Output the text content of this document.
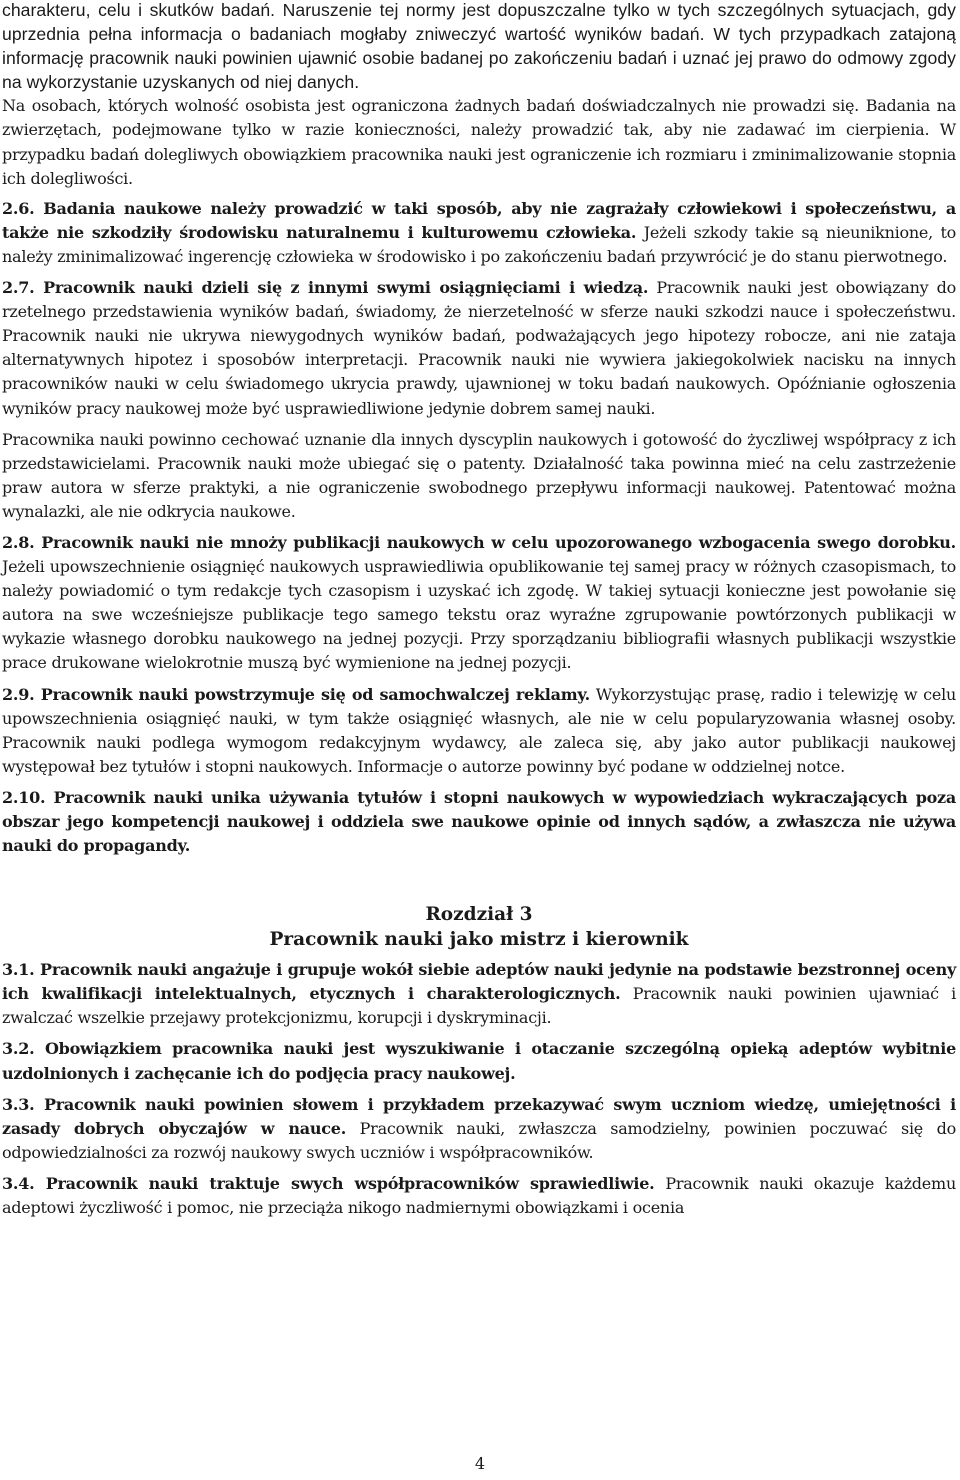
charakteru, celu i skutków badań. Naruszenie tej normy jest dopuszczalne tylko w tych szczególnych sytuacjach, gdy uprzednia pełna informacja o badaniach mogłaby zniweczyć wartość wyników badań. W tych przypadkach zatajoną informację pracownik nauki powinien ujawnić osobie badanej po zakończeniu badań i uznać jej prawo do odmowy zgody na wykorzystanie uzyskanych od niej danych.

Na osobach, których wolność osobista jest ograniczona żadnych badań doświadczalnych nie prowadzi się. Badania na zwierzętach, podejmowane tylko w razie konieczności, należy prowadzić tak, aby nie zadawać im cierpienia. W przypadku badań dolegliwych obowiązkiem pracownika nauki jest ograniczenie ich rozmiaru i zminimalizowanie stopnia ich dolegliwości.

2.6. Badania naukowe należy prowadzić w taki sposób, aby nie zagrażały człowiekowi i społeczeństwu, a także nie szkodziły środowisku naturalnemu i kulturowemu człowieka. Jeżeli szkody takie są nieuniknione, to należy zminimalizować ingerencję człowieka w środowisko i po zakończeniu badań przywrócić je do stanu pierwotnego.

2.7. Pracownik nauki dzieli się z innymi swymi osiągnięciami i wiedzą. Pracownik nauki jest obowiązany do rzetelnego przedstawienia wyników badań, świadomy, że nierzetelność w sferze nauki szkodzi nauce i społeczeństwu. Pracownik nauki nie ukrywa niewygodnych wyników badań, podważających jego hipotezy robocze, ani nie zataja alternatywnych hipotez i sposobów interpretacji. Pracownik nauki nie wywiera jakiegokolwiek nacisku na innych pracowników nauki w celu świadomego ukrycia prawdy, ujawnionej w toku badań naukowych. Opóźnianie ogłoszenia wyników pracy naukowej może być usprawiedliwione jedynie dobrem samej nauki.

Pracownika nauki powinno cechować uznanie dla innych dyscyplin naukowych i gotowość do życzliwej współpracy z ich przedstawicielami. Pracownik nauki może ubiegać się o patenty. Działalność taka powinna mieć na celu zastrzeżenie praw autora w sferze praktyki, a nie ograniczenie swobodnego przepływu informacji naukowej. Patentować można wynalazki, ale nie odkrycia naukowe.

2.8. Pracownik nauki nie mnoży publikacji naukowych w celu upozorowanego wzbogacenia swego dorobku. Jeżeli upowszechnienie osiągnięć naukowych usprawiedliwia opublikowanie tej samej pracy w różnych czasopismach, to należy powiadomić o tym redakcje tych czasopism i uzyskać ich zgodę. W takiej sytuacji konieczne jest powołanie się autora na swe wcześniejsze publikacje tego samego tekstu oraz wyraźne zgrupowanie powtórzonych publikacji w wykazie własnego dorobku naukowego na jednej pozycji. Przy sporządzaniu bibliografii własnych publikacji wszystkie prace drukowane wielokrotnie muszą być wymienione na jednej pozycji.

2.9. Pracownik nauki powstrzymuje się od samochwalczej reklamy. Wykorzystując prasę, radio i telewizję w celu upowszechnienia osiągnięć nauki, w tym także osiągnięć własnych, ale nie w celu popularyzowania własnej osoby. Pracownik nauki podlega wymogom redakcyjnym wydawcy, ale zaleca się, aby jako autor publikacji naukowej występował bez tytułów i stopni naukowych. Informacje o autorze powinny być podane w oddzielnej notce.

2.10. Pracownik nauki unika używania tytułów i stopni naukowych w wypowiedziach wykraczających poza obszar jego kompetencji naukowej i oddziela swe naukowe opinie od innych sądów, a zwłaszcza nie używa nauki do propagandy.

Rozdział 3
Pracownik nauki jako mistrz i kierownik

3.1. Pracownik nauki angażuje i grupuje wokół siebie adeptów nauki jedynie na podstawie bezstronnej oceny ich kwalifikacji intelektualnych, etycznych i charakterologicznych. Pracownik nauki powinien ujawniać i zwalczać wszelkie przejawy protekcjonizmu, korupcji i dyskryminacji.

3.2. Obowiązkiem pracownika nauki jest wyszukiwanie i otaczanie szczególną opieką adeptów wybitnie uzdolnionych i zachęcanie ich do podjęcia pracy naukowej.

3.3. Pracownik nauki powinien słowem i przykładem przekazywać swym uczniom wiedzę, umiejętności i zasady dobrych obyczajów w nauce. Pracownik nauki, zwłaszcza samodzielny, powinien poczuwać się do odpowiedzialności za rozwój naukowy swych uczniów i współpracowników.

3.4. Pracownik nauki traktuje swych współpracowników sprawiedliwie. Pracownik nauki okazuje każdemu adeptowi życzliwość i pomoc, nie przeciąża nikogo nadmiernymi obowiązkami i ocenia

4
